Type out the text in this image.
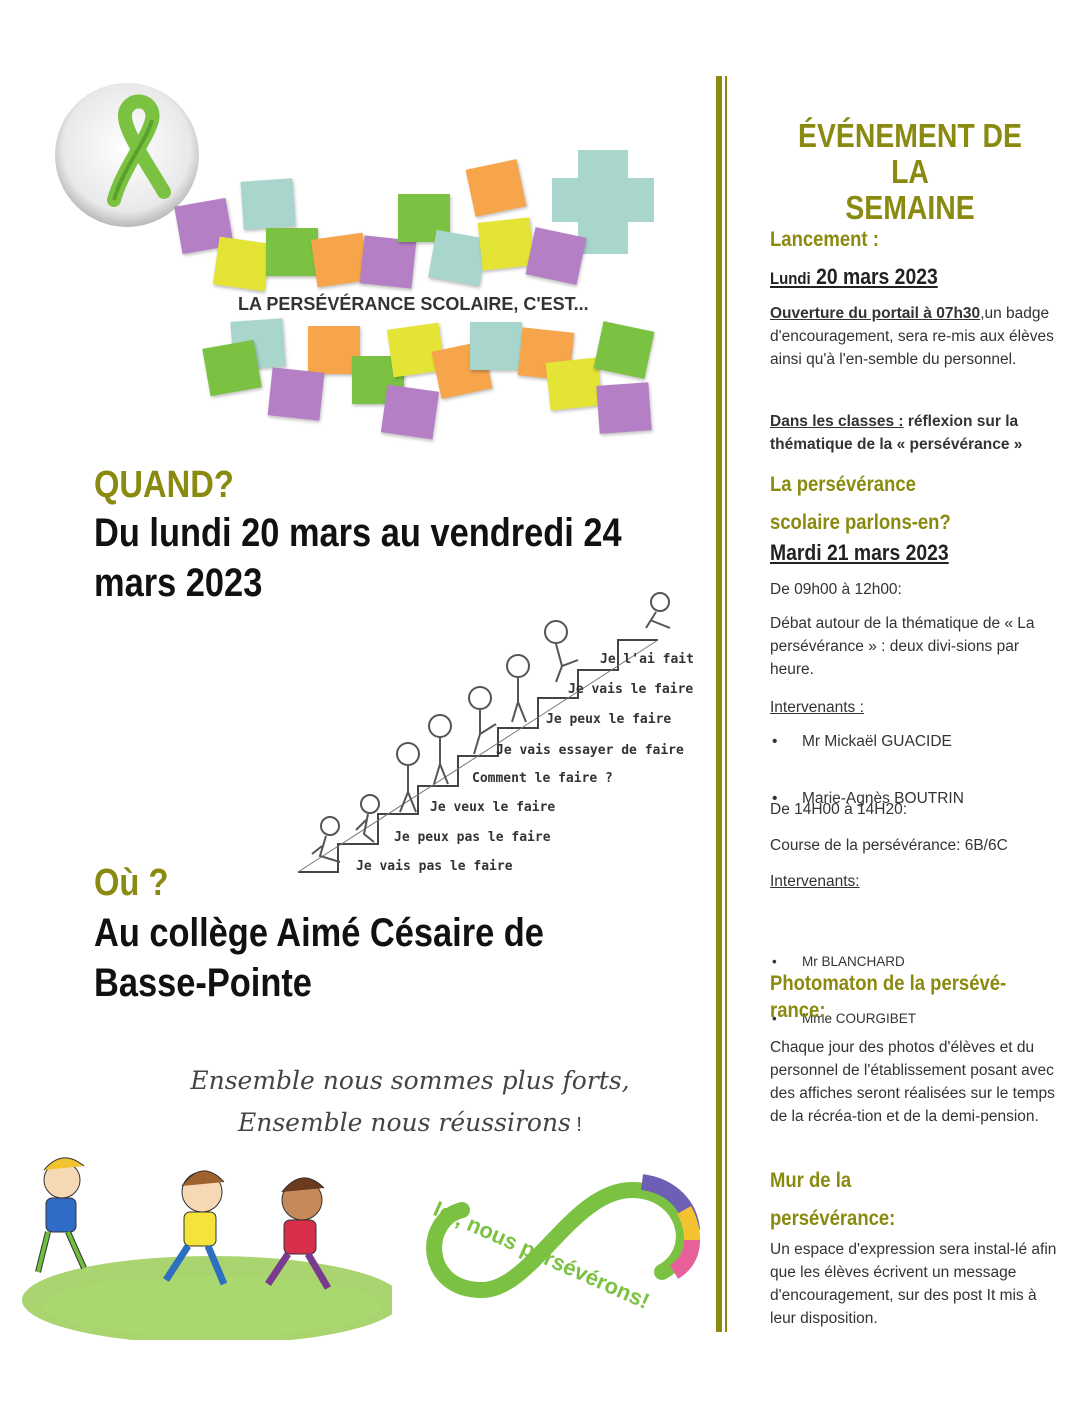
LA PERSÉVÉRANCE SCOLAIRE, C'EST...
QUAND?
Du lundi 20 mars au vendredi 24
mars 2023
Je l'ai fait
Je vais le faire
Je peux le faire
Je vais essayer de faire
Comment le faire ?
Je veux le faire
Je peux pas le faire
Je vais pas le faire
Où ?
Au collège Aimé Césaire de
Basse-Pointe
Ensemble nous sommes plus forts,
Ensemble nous réussirons !
Ici, nous persévérons!
ÉVÉNEMENT DE LA
SEMAINE
Lancement :
Lundi 20 mars 2023
Ouverture du portail à 07h30,un badge d'encouragement, sera re-mis aux élèves ainsi qu'à l'en-semble du personnel.
Dans les classes : réflexion sur la thématique de la « persévérance »
La persévérance
scolaire parlons-en?
Mardi 21 mars 2023
De 09h00 à 12h00:
Débat autour de la thématique de « La persévérance » : deux divi-sions par heure.
Intervenants :
• Mr Mickaël GUACIDE
• Marie-Agnès BOUTRIN
De 14H00 à 14H20:
Course de la persévérance: 6B/6C
Intervenants:
• Mr BLANCHARD
• Mme COURGIBET
Photomaton de la persévé-
rance:
Chaque jour des photos d'élèves et du personnel de l'établissement posant avec des affiches seront réalisées sur le temps de la récréa-tion et de la demi-pension.
Mur de la
persévérance:
Un espace d'expression sera instal-lé afin que les élèves écrivent un message d'encouragement, sur des post It mis à leur disposition.
